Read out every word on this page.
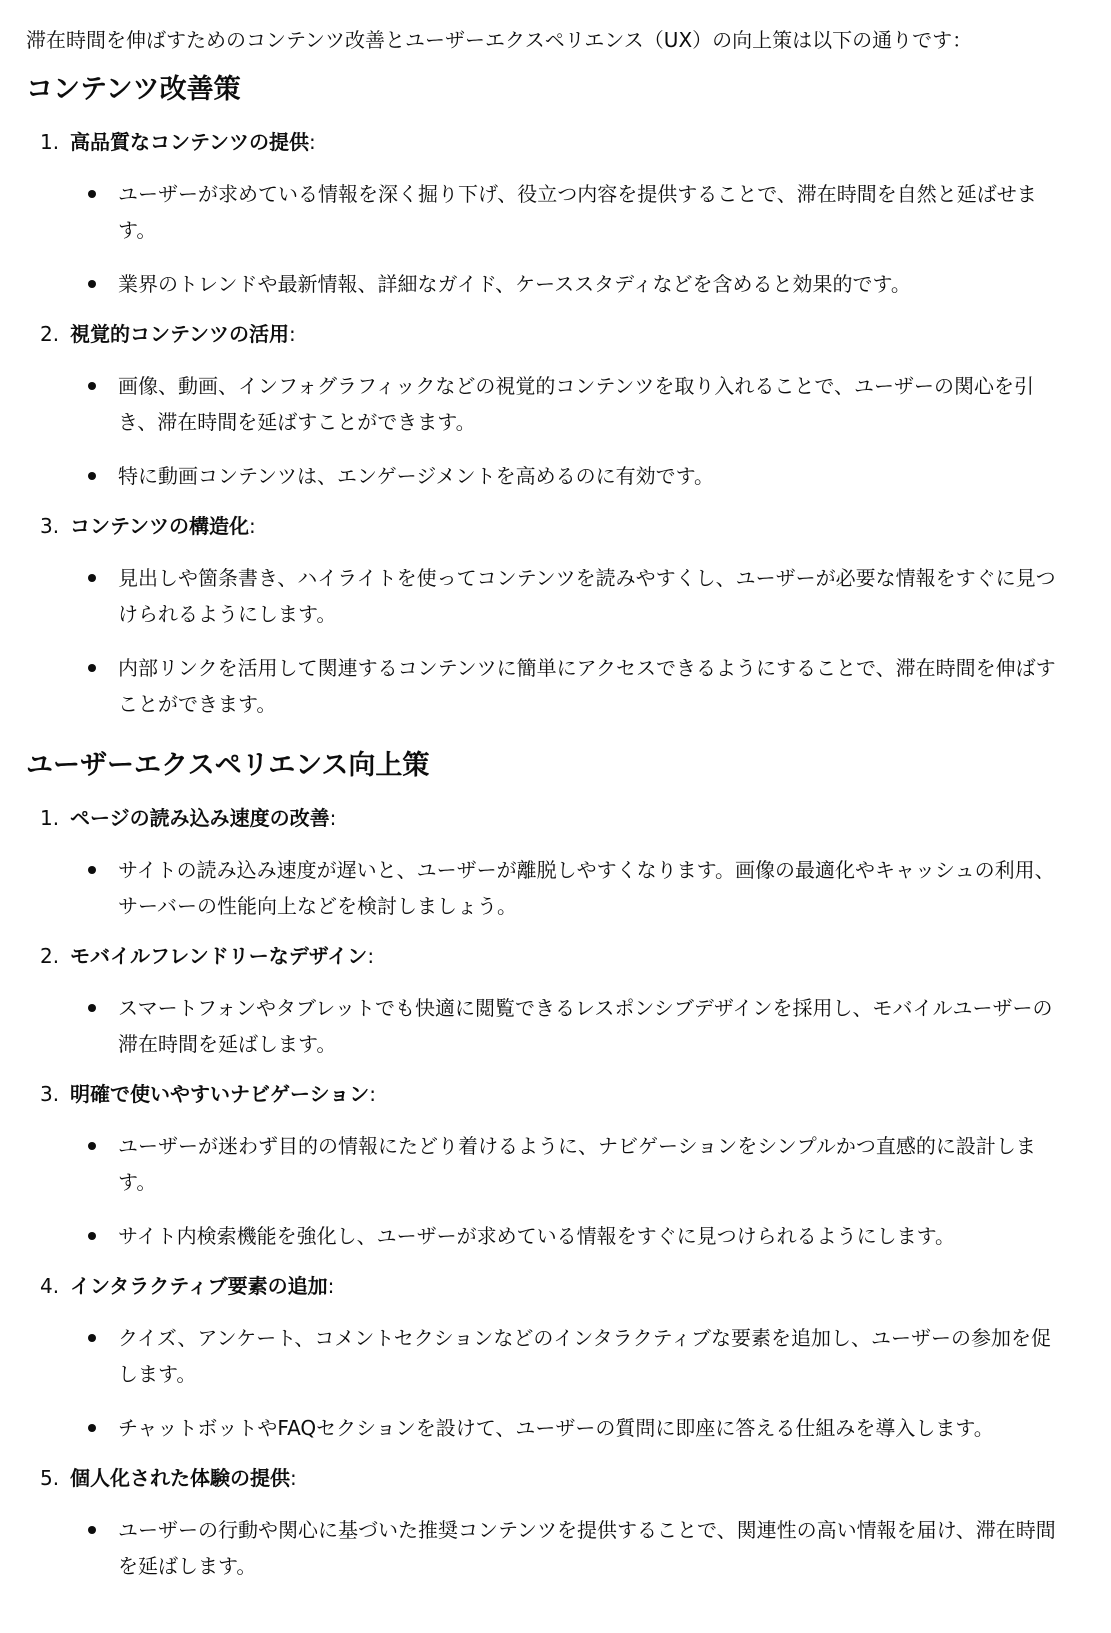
滞在時間を伸ばすためのコンテンツ改善とユーザーエクスペリエンス（UX）の向上策は以下の通りです：

コンテンツ改善策
1. 高品質なコンテンツの提供:
ユーザーが求めている情報を深く掘り下げ、役立つ内容を提供することで、滞在時間を自然と延ばせます。
業界のトレンドや最新情報、詳細なガイド、ケーススタディなどを含めると効果的です。
2. 視覚的コンテンツの活用:
画像、動画、インフォグラフィックなどの視覚的コンテンツを取り入れることで、ユーザーの関心を引き、滞在時間を延ばすことができます。
特に動画コンテンツは、エンゲージメントを高めるのに有効です。
3. コンテンツの構造化:
見出しや箇条書き、ハイライトを使ってコンテンツを読みやすくし、ユーザーが必要な情報をすぐに見つけられるようにします。
内部リンクを活用して関連するコンテンツに簡単にアクセスできるようにすることで、滞在時間を伸ばすことができます。
ユーザーエクスペリエンス向上策
1. ページの読み込み速度の改善:
サイトの読み込み速度が遅いと、ユーザーが離脱しやすくなります。画像の最適化やキャッシュの利用、サーバーの性能向上などを検討しましょう。
2. モバイルフレンドリーなデザイン:
スマートフォンやタブレットでも快適に閲覧できるレスポンシブデザインを採用し、モバイルユーザーの滞在時間を延ばします。
3. 明確で使いやすいナビゲーション:
ユーザーが迷わず目的の情報にたどり着けるように、ナビゲーションをシンプルかつ直感的に設計します。
サイト内検索機能を強化し、ユーザーが求めている情報をすぐに見つけられるようにします。
4. インタラクティブ要素の追加:
クイズ、アンケート、コメントセクションなどのインタラクティブな要素を追加し、ユーザーの参加を促します。
チャットボットやFAQセクションを設けて、ユーザーの質問に即座に答える仕組みを導入します。
5. 個人化された体験の提供:
ユーザーの行動や関心に基づいた推奨コンテンツを提供することで、関連性の高い情報を届け、滞在時間を延ばします。
